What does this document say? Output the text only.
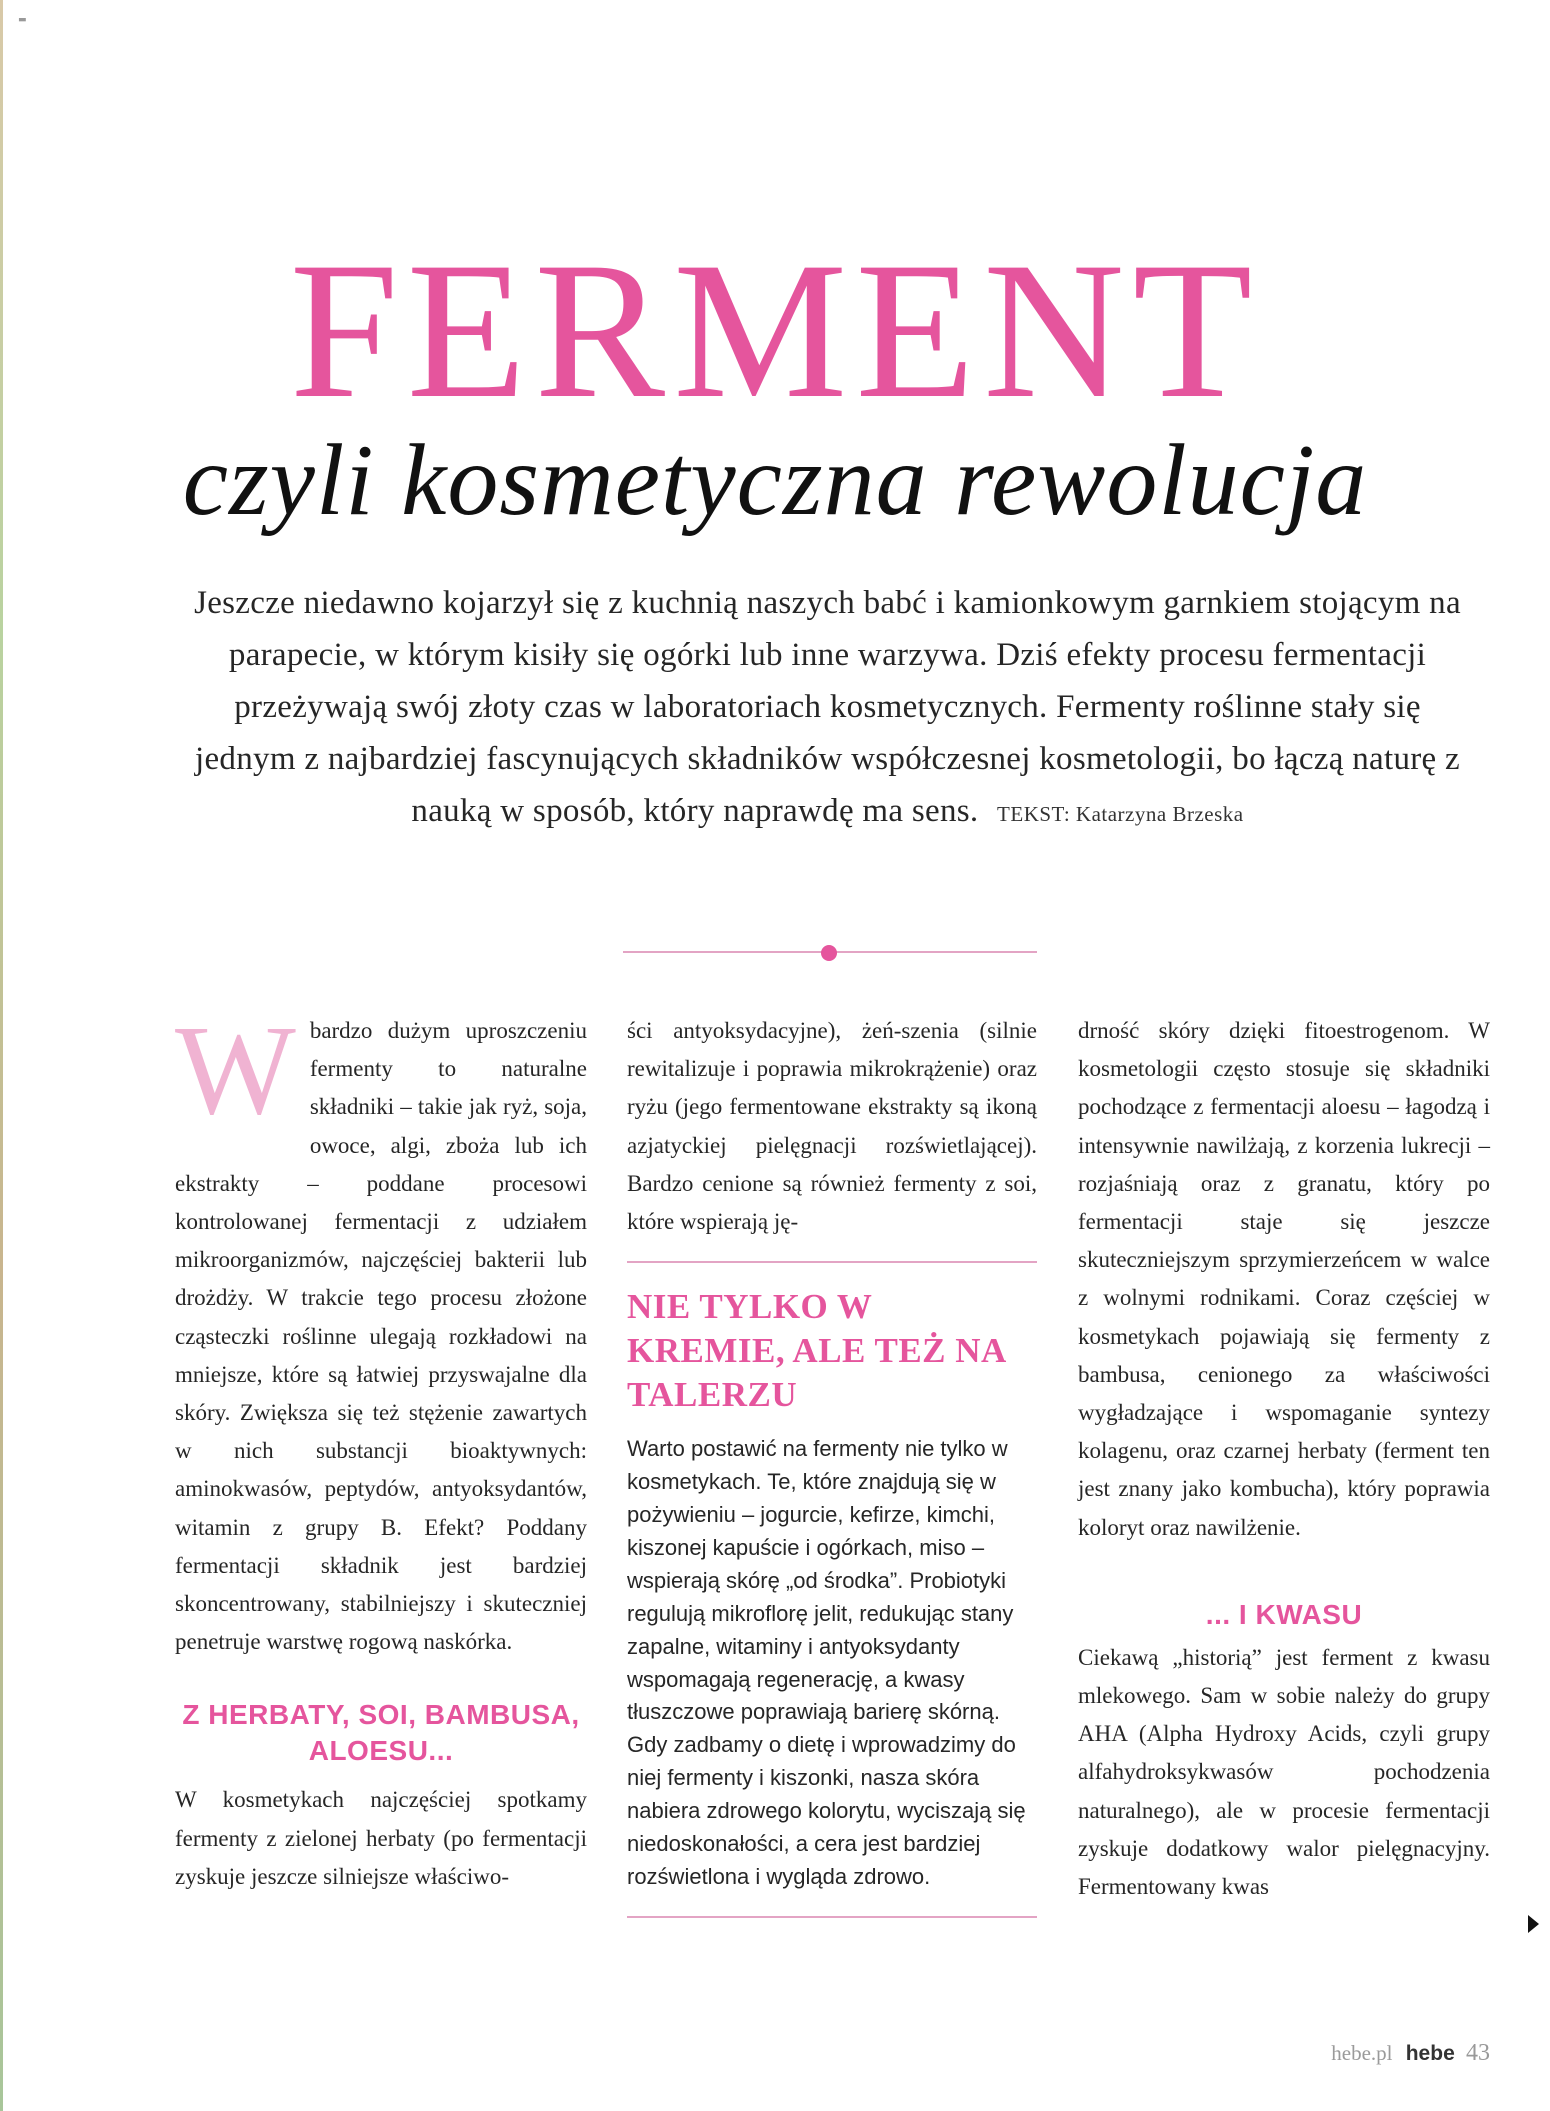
▬
FERMENT
czyli kosmetyczna rewolucja
Jeszcze niedawno kojarzył się z kuchnią naszych babć i kamionkowym garnkiem stojącym na parapecie, w którym kisiły się ogórki lub inne warzywa. Dziś efekty procesu fermentacji przeżywają swój złoty czas w laboratoriach kosmetycznych. Fermenty roślinne stały się jednym z najbardziej fascynujących składników współczesnej kosmetologii, bo łączą naturę z nauką w sposób, który naprawdę ma sens. TEKST: Katarzyna Brzeska
W bardzo dużym uproszczeniu fermenty to naturalne składniki – takie jak ryż, soja, owoce, algi, zboża lub ich ekstrakty – poddane procesowi kontrolowanej fermentacji z udziałem mikroorganizmów, najczęściej bakterii lub drożdży. W trakcie tego procesu złożone cząsteczki roślinne ulegają rozkładowi na mniejsze, które są łatwiej przyswajalne dla skóry. Zwiększa się też stężenie zawartych w nich substancji bioaktywnych: aminokwasów, peptydów, antyoksydantów, witamin z grupy B. Efekt? Poddany fermentacji składnik jest bardziej skoncentrowany, stabilniejszy i skuteczniej penetruje warstwę rogową naskórka.

Z HERBATY, SOI, BAMBUSA, ALOESU...

W kosmetykach najczęściej spotkamy fermenty z zielonej herbaty (po fermentacji zyskuje jeszcze silniejsze właściwo-

ści antyoksydacyjne), żeń-szenia (silnie rewitalizuje i poprawia mikrokrążenie) oraz ryżu (jego fermentowane ekstrakty są ikoną azjatyckiej pielęgnacji rozświetlającej). Bardzo cenione są również fermenty z soi, które wspierają ję-

NIE TYLKO W KREMIE, ALE TEŻ NA TALERZU

Warto postawić na fermenty nie tylko w kosmetykach. Te, które znajdują się w pożywieniu – jogurcie, kefirze, kimchi, kiszonej kapuście i ogórkach, miso – wspierają skórę „od środka”. Probiotyki regulują mikroflorę jelit, redukując stany zapalne, witaminy i antyoksydanty wspomagają regenerację, a kwasy tłuszczowe poprawiają barierę skórną. Gdy zadbamy o dietę i wprowadzimy do niej fermenty i kiszonki, nasza skóra nabiera zdrowego kolorytu, wyciszają się niedoskonałości, a cera jest bardziej rozświetlona i wygląda zdrowo.

drność skóry dzięki fitoestrogenom. W kosmetologii często stosuje się składniki pochodzące z fermentacji aloesu – łagodzą i intensywnie nawilżają, z korzenia lukrecji – rozjaśniają oraz z granatu, który po fermentacji staje się jeszcze skuteczniejszym sprzymierzeńcem w walce z wolnymi rodnikami. Coraz częściej w kosmetykach pojawiają się fermenty z bambusa, cenionego za właściwości wygładzające i wspomaganie syntezy kolagenu, oraz czarnej herbaty (ferment ten jest znany jako kombucha), który poprawia koloryt oraz nawilżenie.

... I KWASU

Ciekawą „historią” jest ferment z kwasu mlekowego. Sam w sobie należy do grupy AHA (Alpha Hydroxy Acids, czyli grupy alfahydroksykwasów pochodzenia naturalnego), ale w procesie fermentacji zyskuje dodatkowy walor pielęgnacyjny. Fermentowany kwas

hebe.pl hebe 43
